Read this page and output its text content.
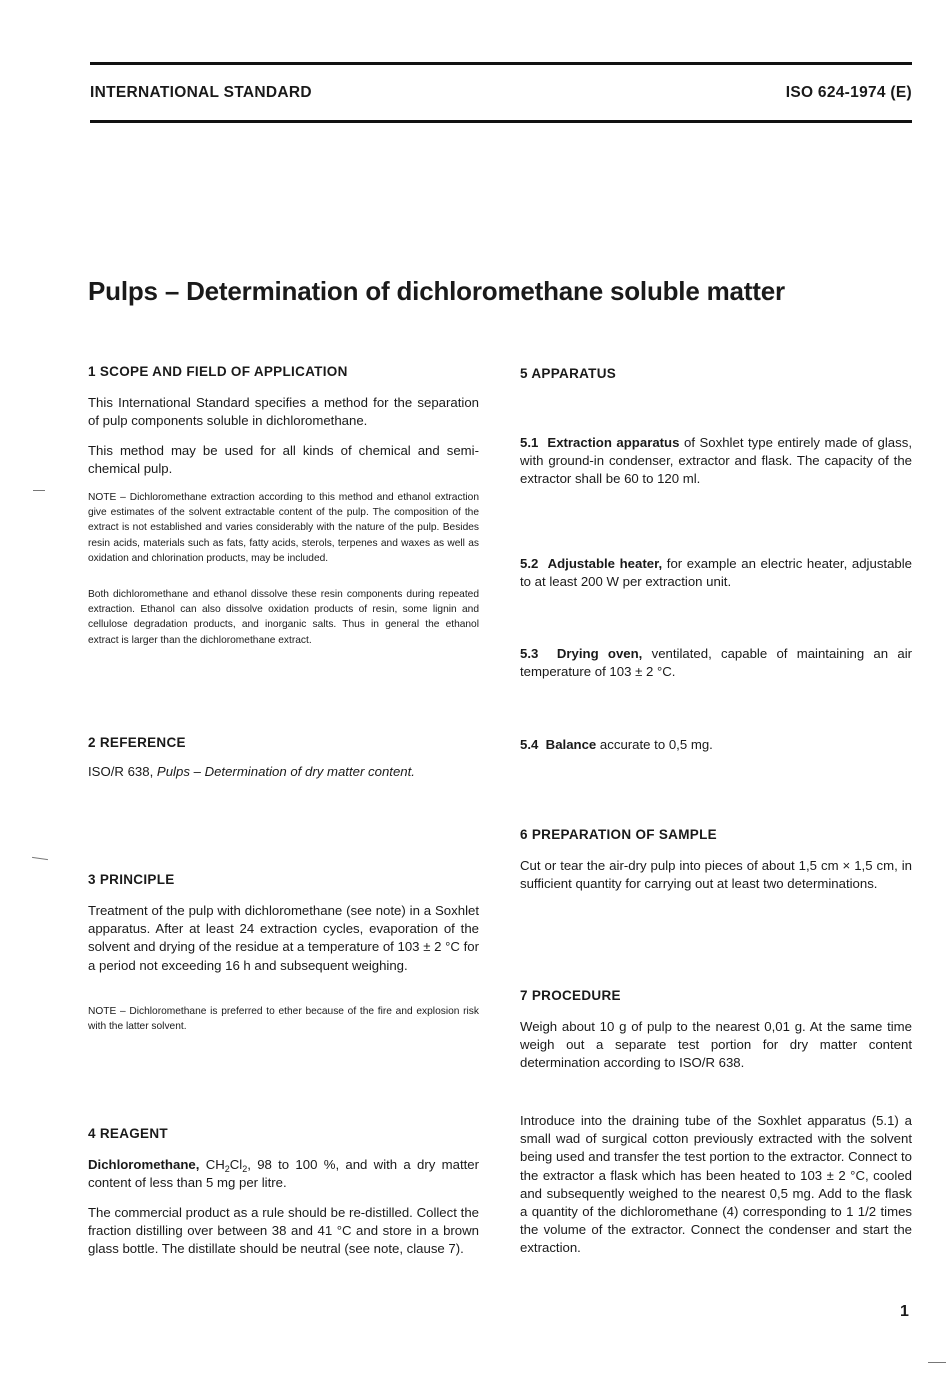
INTERNATIONAL STANDARD	ISO 624-1974 (E)
Pulps – Determination of dichloromethane soluble matter
1 SCOPE AND FIELD OF APPLICATION
This International Standard specifies a method for the separation of pulp components soluble in dichloromethane.
This method may be used for all kinds of chemical and semi-chemical pulp.
NOTE – Dichloromethane extraction according to this method and ethanol extraction give estimates of the solvent extractable content of the pulp. The composition of the extract is not established and varies considerably with the nature of the pulp. Besides resin acids, materials such as fats, fatty acids, sterols, terpenes and waxes as well as oxidation and chlorination products, may be included.
Both dichloromethane and ethanol dissolve these resin components during repeated extraction. Ethanol can also dissolve oxidation products of resin, some lignin and cellulose degradation products, and inorganic salts. Thus in general the ethanol extract is larger than the dichloromethane extract.
2 REFERENCE
ISO/R 638, Pulps – Determination of dry matter content.
3 PRINCIPLE
Treatment of the pulp with dichloromethane (see note) in a Soxhlet apparatus. After at least 24 extraction cycles, evaporation of the solvent and drying of the residue at a temperature of 103 ± 2 °C for a period not exceeding 16 h and subsequent weighing.
NOTE – Dichloromethane is preferred to ether because of the fire and explosion risk with the latter solvent.
4 REAGENT
Dichloromethane, $CH_2Cl_2$, 98 to 100 %, and with a dry matter content of less than 5 mg per litre.
The commercial product as a rule should be re-distilled. Collect the fraction distilling over between 38 and 41 °C and store in a brown glass bottle. The distillate should be neutral (see note, clause 7).
5 APPARATUS
5.1 Extraction apparatus of Soxhlet type entirely made of glass, with ground-in condenser, extractor and flask. The capacity of the extractor shall be 60 to 120 ml.
5.2 Adjustable heater, for example an electric heater, adjustable to at least 200 W per extraction unit.
5.3 Drying oven, ventilated, capable of maintaining an air temperature of 103 ± 2 °C.
5.4 Balance accurate to 0,5 mg.
6 PREPARATION OF SAMPLE
Cut or tear the air-dry pulp into pieces of about 1,5 cm × 1,5 cm, in sufficient quantity for carrying out at least two determinations.
7 PROCEDURE
Weigh about 10 g of pulp to the nearest 0,01 g. At the same time weigh out a separate test portion for dry matter content determination according to ISO/R 638.
Introduce into the draining tube of the Soxhlet apparatus (5.1) a small wad of surgical cotton previously extracted with the solvent being used and transfer the test portion to the extractor. Connect to the extractor a flask which has been heated to 103 ± 2 °C, cooled and subsequently weighed to the nearest 0,5 mg. Add to the flask a quantity of the dichloromethane (4) corresponding to 1 1/2 times the volume of the extractor. Connect the condenser and start the extraction.
1
